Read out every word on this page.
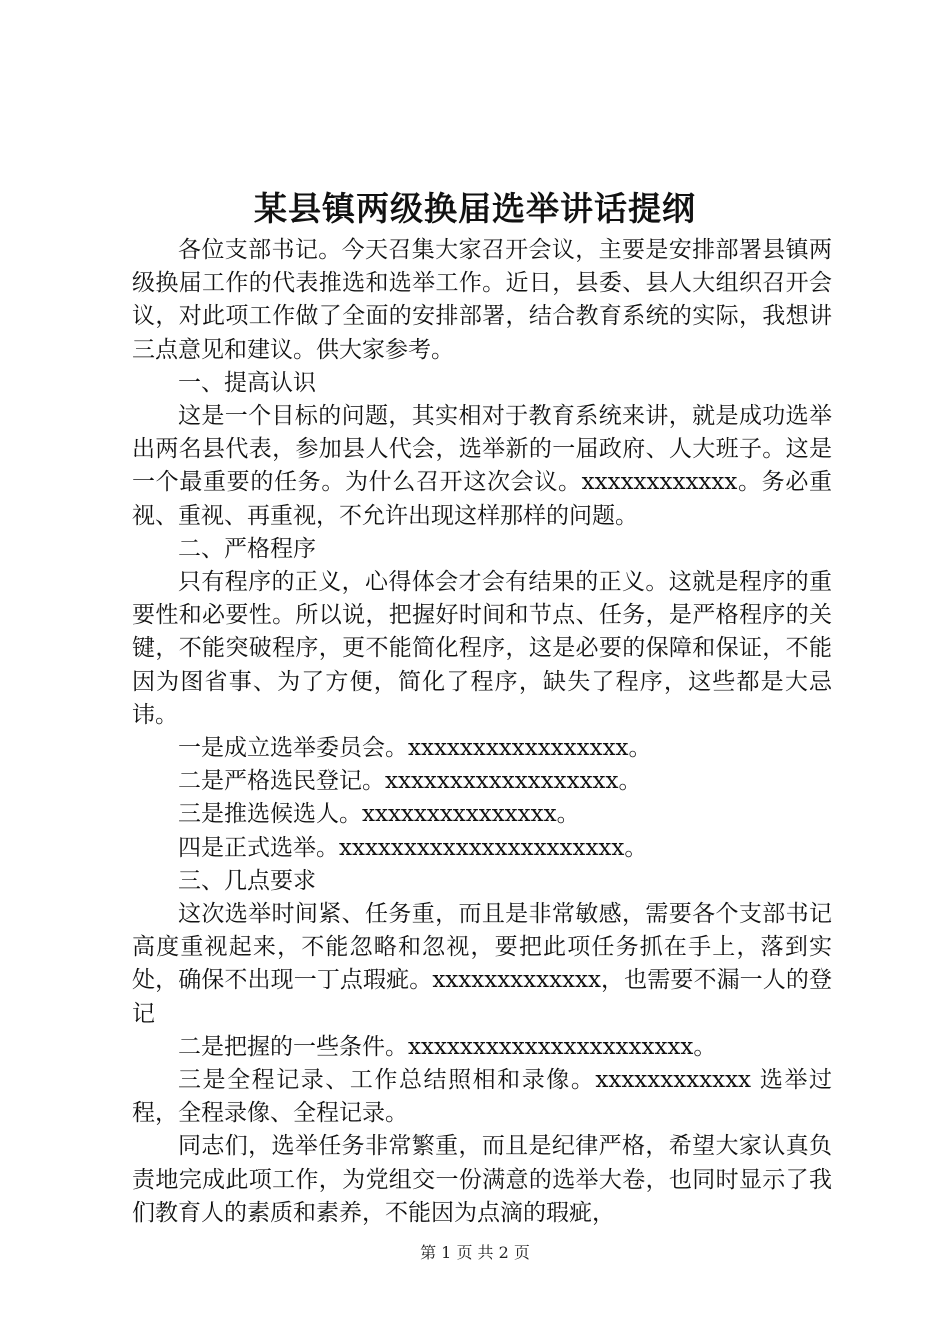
某县镇两级换届选举讲话提纲

各位支部书记。今天召集大家召开会议，主要是安排部署县镇两级换届工作的代表推选和选举工作。近日，县委、县人大组织召开会议，对此项工作做了全面的安排部署，结合教育系统的实际，我想讲三点意见和建议。供大家参考。

一、提高认识

这是一个目标的问题，其实相对于教育系统来讲，就是成功选举出两名县代表，参加县人代会，选举新的一届政府、人大班子。这是一个最重要的任务。为什么召开这次会议。xxxxxxxxxxxx。务必重视、重视、再重视，不允许出现这样那样的问题。

二、严格程序

只有程序的正义，心得体会才会有结果的正义。这就是程序的重要性和必要性。所以说，把握好时间和节点、任务，是严格程序的关键，不能突破程序，更不能简化程序，这是必要的保障和保证，不能因为图省事、为了方便，简化了程序，缺失了程序，这些都是大忌讳。

一是成立选举委员会。xxxxxxxxxxxxxxxxx。

二是严格选民登记。xxxxxxxxxxxxxxxxxx。

三是推选候选人。xxxxxxxxxxxxxxx。

四是正式选举。xxxxxxxxxxxxxxxxxxxxxx。

三、几点要求

这次选举时间紧、任务重，而且是非常敏感，需要各个支部书记高度重视起来，不能忽略和忽视，要把此项任务抓在手上，落到实处，确保不出现一丁点瑕疵。xxxxxxxxxxxxx，也需要不漏一人的登记

二是把握的一些条件。xxxxxxxxxxxxxxxxxxxxxx。

三是全程记录、工作总结照相和录像。xxxxxxxxxxxx 选举过程，全程录像、全程记录。

同志们，选举任务非常繁重，而且是纪律严格，希望大家认真负责地完成此项工作，为党组交一份满意的选举大卷，也同时显示了我们教育人的素质和素养，不能因为点滴的瑕疵，

第 1 页 共 2 页
